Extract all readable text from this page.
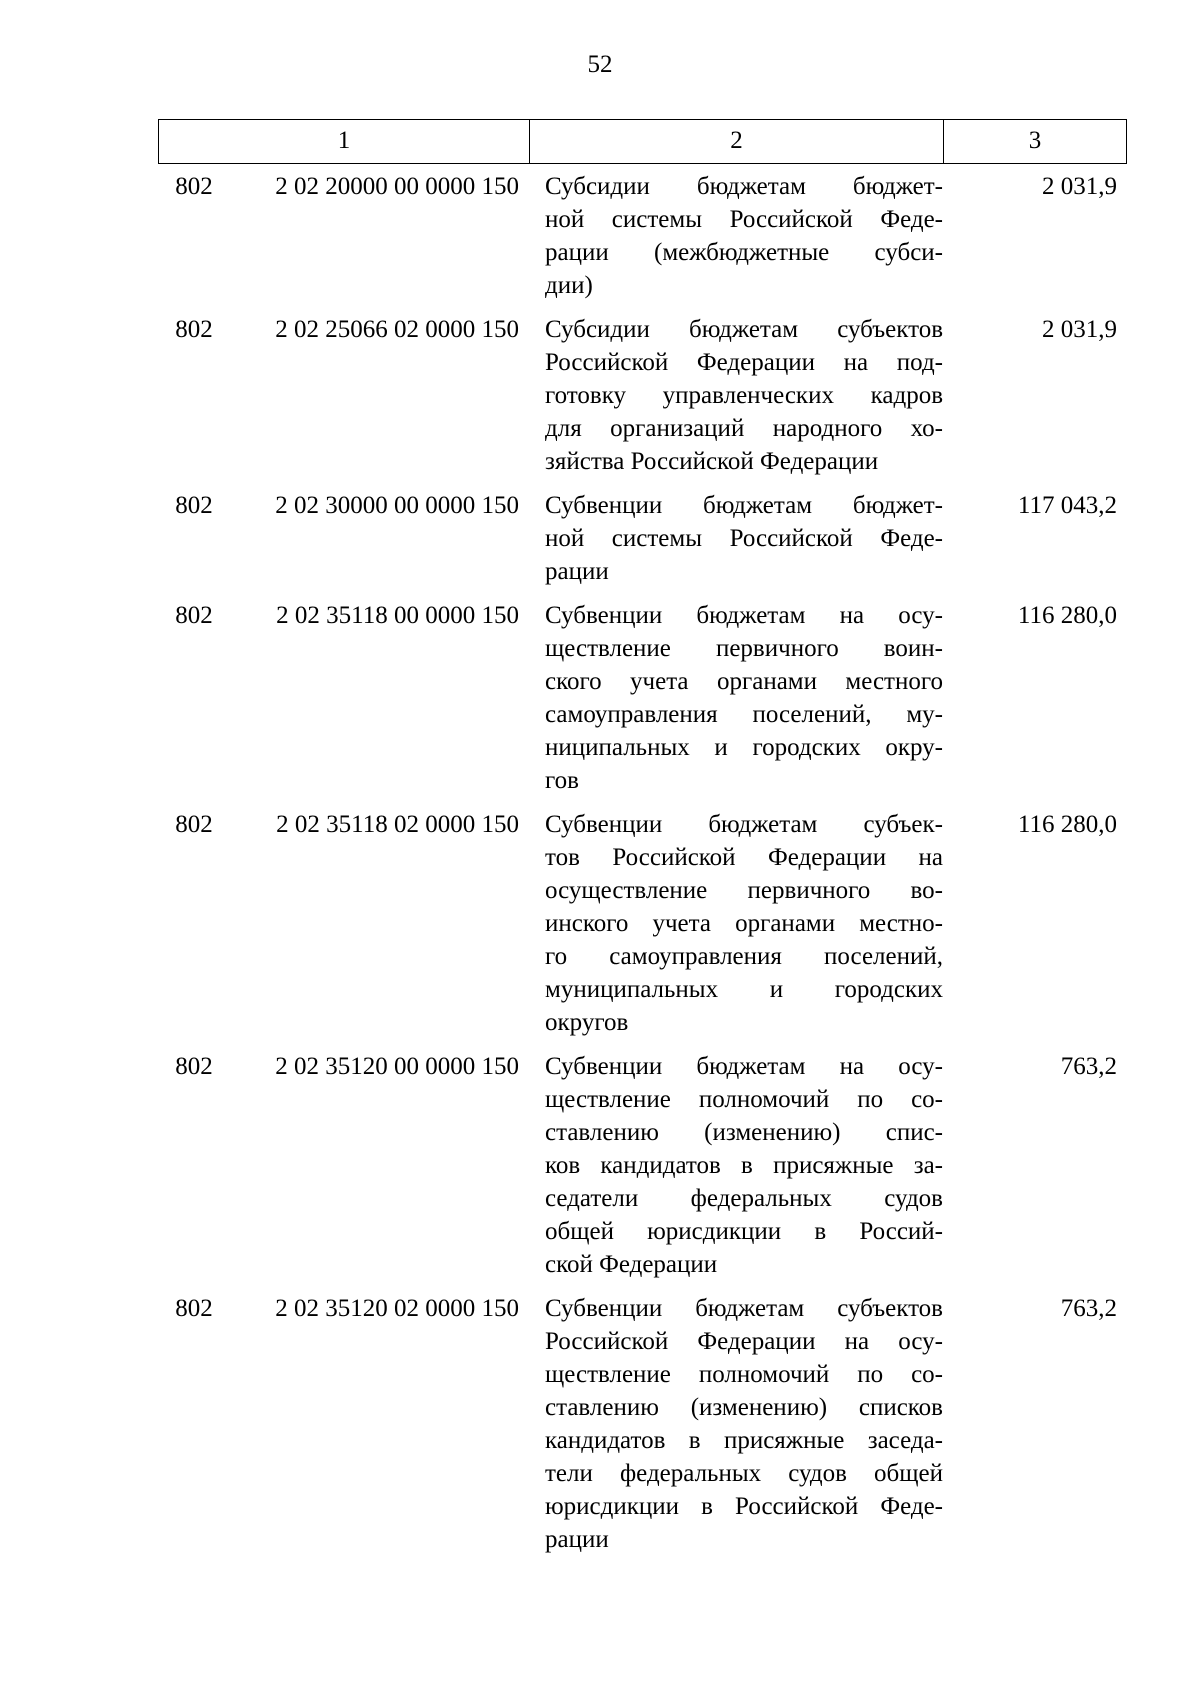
52
1	2	3
802	2 02 20000 00 0000 150	Субсидии бюджетам бюджет-
ной системы Российской Феде-
рации (межбюджетные субси-
дии)
2 031,9
802	2 02 25066 02 0000 150	Субсидии бюджетам субъектов
Российской Федерации на под-
готовку управленческих кадров
для организаций народного хо-
зяйства Российской Федерации
2 031,9
802	2 02 30000 00 0000 150	Субвенции бюджетам бюджет-
ной системы Российской Феде-
рации
117 043,2
802	2 02 35118 00 0000 150	Субвенции бюджетам на осу-
ществление первичного воин-
ского учета органами местного
самоуправления поселений, му-
ниципальных и городских окру-
гов
116 280,0
802	2 02 35118 02 0000 150	Субвенции бюджетам субъек-
тов Российской Федерации на
осуществление первичного во-
инского учета органами местно-
го самоуправления поселений,
муниципальных и городских
округов
116 280,0
802	2 02 35120 00 0000 150	Субвенции бюджетам на осу-
ществление полномочий по со-
ставлению (изменению) спис-
ков кандидатов в присяжные за-
седатели федеральных судов
общей юрисдикции в Россий-
ской Федерации
763,2
802	2 02 35120 02 0000 150	Субвенции бюджетам субъектов
Российской Федерации на осу-
ществление полномочий по со-
ставлению (изменению) списков
кандидатов в присяжные заседа-
тели федеральных судов общей
юрисдикции в Российской Феде-
рации
763,2
